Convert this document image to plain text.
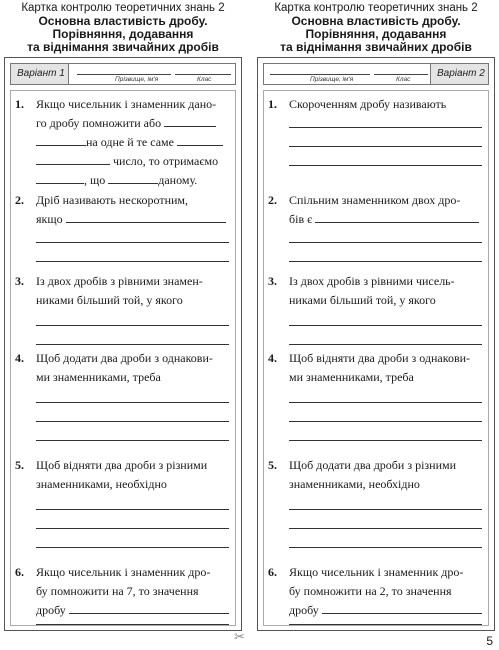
Картка контролю теоретичних знань 2
Основна властивість дробу.
Порівняння, додавання
та віднімання звичайних дробів
Варіант 1
Прізвище, ім'я	Клас
1. Якщо чисельник і знаменник дано-
го дробу помножити або
на одне й те саме
число, то отримаємо
, що	даному.
2. Дріб називають нескоротним,
якщо
3. Із двох дробів з рівними знамен-
никами більший той, у якого
4. Щоб додати два дроби з однакови-
ми знаменниками, треба
5. Щоб відняти два дроби з різними
знаменниками, необхідно
6. Якщо чисельник і знаменник дро-
бу помножити на 7, то значення
дробу
Картка контролю теоретичних знань 2
Основна властивість дробу.
Порівняння, додавання
та віднімання звичайних дробів
Прізвище, ім'я	Клас
Варіант 2
1. Скороченням дробу називають
2. Спільним знаменником двох дро-
бів є
3. Із двох дробів з рівними чисель-
никами більший той, у якого
4. Щоб відняти два дроби з однакови-
ми знаменниками, треба
5. Щоб додати два дроби з різними
знаменниками, необхідно
6. Якщо чисельник і знаменник дро-
бу помножити на 2, то значення
дробу
✂	5
